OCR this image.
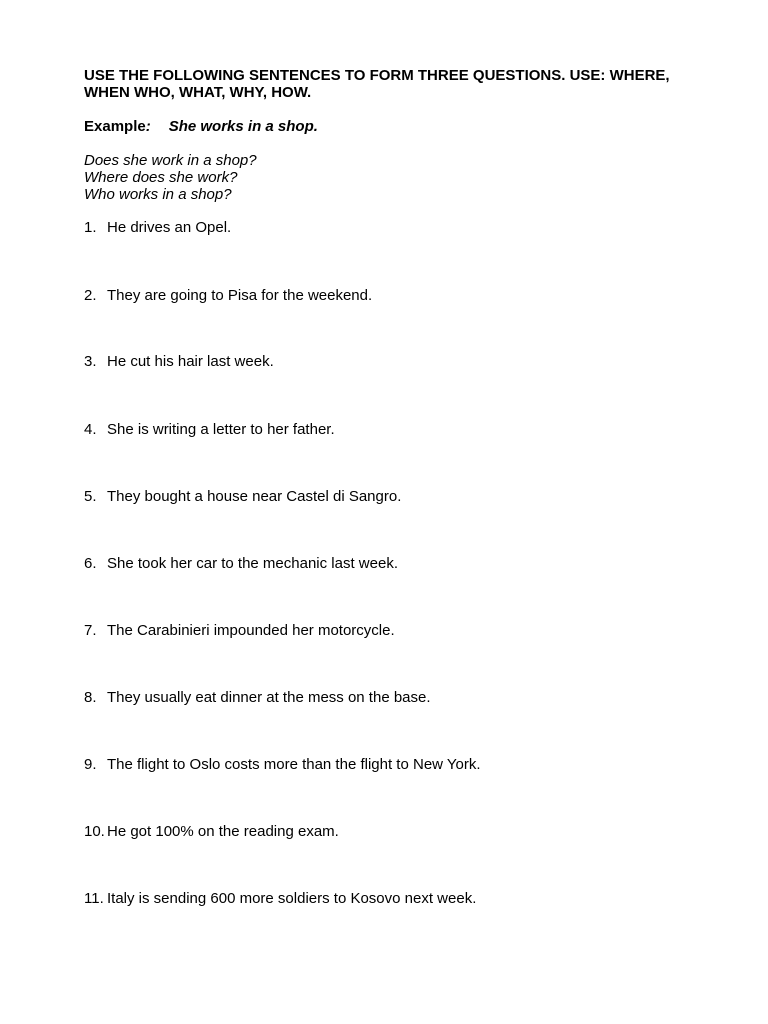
USE THE FOLLOWING SENTENCES TO FORM THREE QUESTIONS. USE: WHERE, WHEN WHO, WHAT, WHY, HOW.

Example: She works in a shop.
Does she work in a shop?
Where does she work?
Who works in a shop?
1. He drives an Opel.
2. They are going to Pisa for the weekend.
3. He cut his hair last week.
4. She is writing a letter to her father.
5. They bought a house near Castel di Sangro.
6. She took her car to the mechanic last week.
7. The Carabinieri impounded her motorcycle.
8. They usually eat dinner at the mess on the base.
9. The flight to Oslo costs more than the flight to New York.
10. He got 100% on the reading exam.
11. Italy is sending 600 more soldiers to Kosovo next week.
